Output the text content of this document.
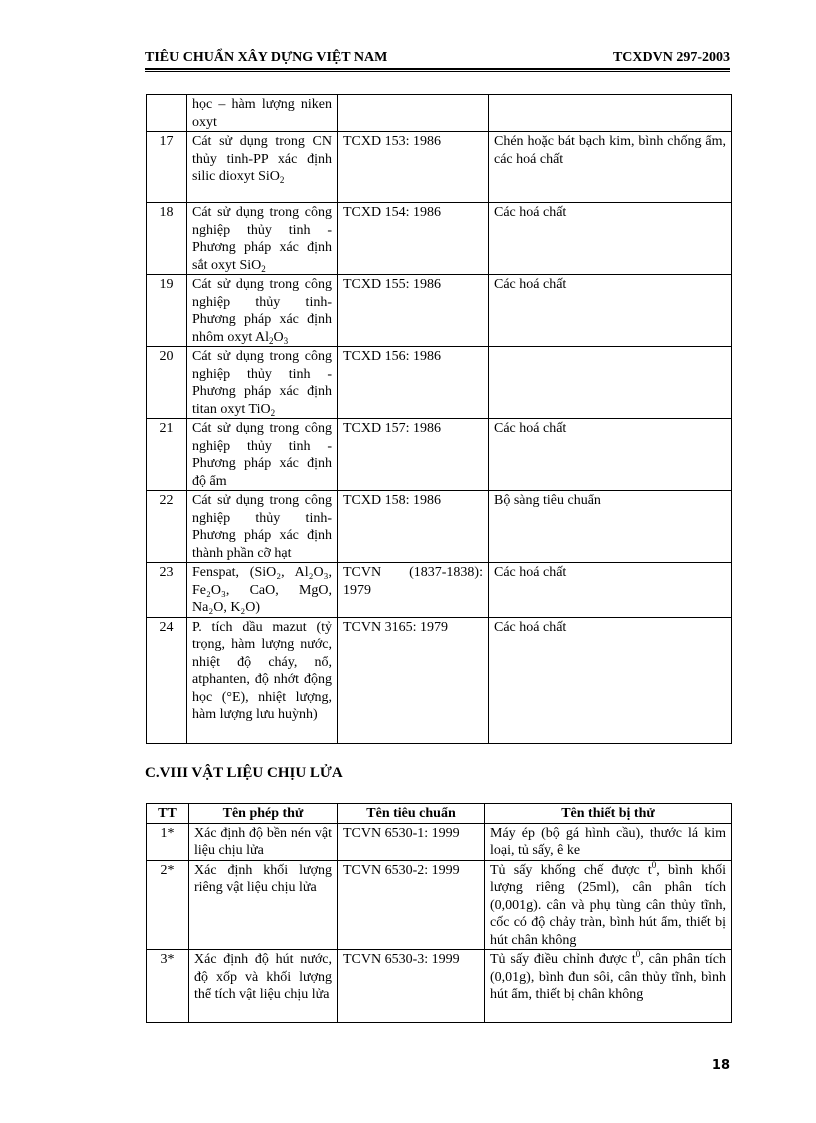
TIÊU CHUẨN XÂY DỰNG VIỆT NAM	TCXDVN 297-2003
	học – hàm lượng niken oxyt		
17	Cát sử dụng trong CN thủy tinh-PP xác định silic dioxyt SiO$_2$	TCXD 153: 1986	Chén hoặc bát bạch kim, bình chống ẩm, các hoá chất
18	Cát sử dụng trong công nghiệp thủy tinh - Phương pháp xác định sắt oxyt SiO$_2$	TCXD 154: 1986	Các hoá chất
19	Cát sử dụng trong công nghiệp thủy tinh- Phương pháp xác định nhôm oxyt $Al_2O_3$	TCXD 155: 1986	Các hoá chất
20	Cát sử dụng trong công nghiệp thủy tinh - Phương pháp xác định titan oxyt TiO$_2$	TCXD 156: 1986	
21	Cát sử dụng trong công nghiệp thủy tinh - Phương pháp xác định độ ẩm	TCXD 157: 1986	Các hoá chất
22	Cát sử dụng trong công nghiệp thủy tinh- Phương pháp xác định thành phần cỡ hạt	TCXD 158: 1986	Bộ sàng tiêu chuẩn
23	Fenspat, (SiO₂, Al₂O₃, Fe₂O₃, CaO, MgO, Na₂O, K₂O)	TCVN (1837-1838): 1979	Các hoá chất
24	P. tích dầu mazut (tỷ trọng, hàm lượng nước, nhiệt độ cháy, nổ, atphanten, độ nhớt động học (°E), nhiệt lượng, hàm lượng lưu huỳnh)	TCVN 3165: 1979	Các hoá chất
C.VIII VẬT LIỆU CHỊU LỬA
TT	Tên phép thử	Tên tiêu chuẩn	Tên thiết bị thử
1*	Xác định độ bền nén vật liệu chịu lửa	TCVN 6530-1: 1999	Máy ép (bộ gá hình cầu), thước lá kim loại, tủ sấy, ê ke
2*	Xác định khối lượng riêng vật liệu chịu lửa	TCVN 6530-2: 1999	Tủ sấy khống chế được $t^0$, bình khối lượng riêng (25ml), cân phân tích (0,001g). cân và phụ tùng cân thủy tĩnh, cốc có độ chảy tràn, bình hút ẩm, thiết bị hút chân không
3*	Xác định độ hút nước, độ xốp và khối lượng thể tích vật liệu chịu lửa	TCVN 6530-3: 1999	Tủ sấy điều chỉnh được $t^0$, cân phân tích (0,01g), bình đun sôi, cân thủy tĩnh, bình hút ẩm, thiết bị chân không
18
